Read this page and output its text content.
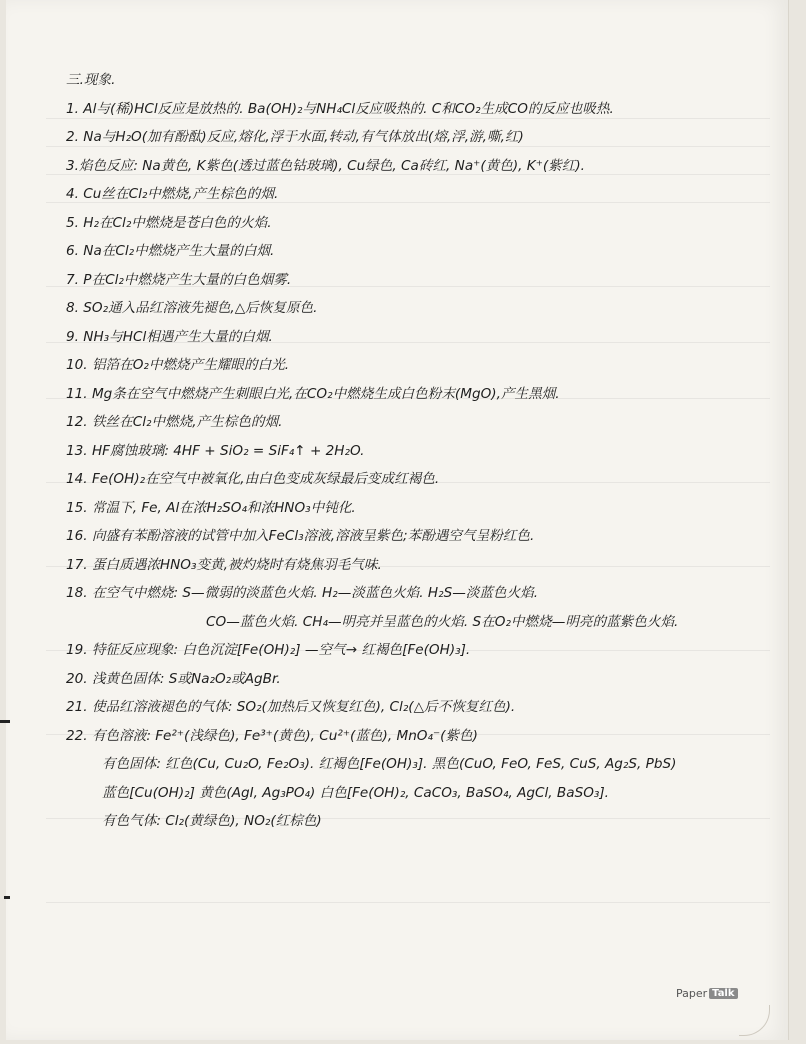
三.现象.
1. Al与(稀)HCl反应是放热的. Ba(OH)₂与NH₄Cl反应吸热的. C和CO₂生成CO的反应也吸热.
2. Na与H₂O(加有酚酞)反应,熔化,浮于水面,转动,有气体放出(熔,浮,游,嘶,红)
3.焰色反应: Na黄色, K紫色(透过蓝色钴玻璃), Cu绿色, Ca砖红, Na⁺(黄色), K⁺(紫红).
4. Cu丝在Cl₂中燃烧,产生棕色的烟.
5. H₂在Cl₂中燃烧是苍白色的火焰.
6. Na在Cl₂中燃烧产生大量的白烟.
7. P在Cl₂中燃烧产生大量的白色烟雾.
8. SO₂通入品红溶液先褪色,△后恢复原色.
9. NH₃与HCl相遇产生大量的白烟.
10. 铝箔在O₂中燃烧产生耀眼的白光.
11. Mg条在空气中燃烧产生刺眼白光,在CO₂中燃烧生成白色粉末(MgO),产生黑烟.
12. 铁丝在Cl₂中燃烧,产生棕色的烟.
13. HF腐蚀玻璃: 4HF + SiO₂ = SiF₄↑ + 2H₂O.
14. Fe(OH)₂在空气中被氧化,由白色变成灰绿最后变成红褐色.
15. 常温下, Fe, Al在浓H₂SO₄和浓HNO₃中钝化.
16. 向盛有苯酚溶液的试管中加入FeCl₃溶液,溶液呈紫色;苯酚遇空气呈粉红色.
17. 蛋白质遇浓HNO₃变黄,被灼烧时有烧焦羽毛气味.
18. 在空气中燃烧: S—微弱的淡蓝色火焰. H₂—淡蓝色火焰. H₂S—淡蓝色火焰.
CO—蓝色火焰. CH₄—明亮并呈蓝色的火焰. S在O₂中燃烧—明亮的蓝紫色火焰.
19. 特征反应现象: 白色沉淀[Fe(OH)₂] —空气→ 红褐色[Fe(OH)₃].
20. 浅黄色固体: S或Na₂O₂或AgBr.
21. 使品红溶液褪色的气体: SO₂(加热后又恢复红色), Cl₂(△后不恢复红色).
22. 有色溶液: Fe²⁺(浅绿色), Fe³⁺(黄色), Cu²⁺(蓝色), MnO₄⁻(紫色)
有色固体: 红色(Cu, Cu₂O, Fe₂O₃). 红褐色[Fe(OH)₃]. 黑色(CuO, FeO, FeS, CuS, Ag₂S, PbS)
蓝色[Cu(OH)₂] 黄色(AgI, Ag₃PO₄) 白色[Fe(OH)₂, CaCO₃, BaSO₄, AgCl, BaSO₃].
有色气体: Cl₂(黄绿色), NO₂(红棕色)
Paper Talk
